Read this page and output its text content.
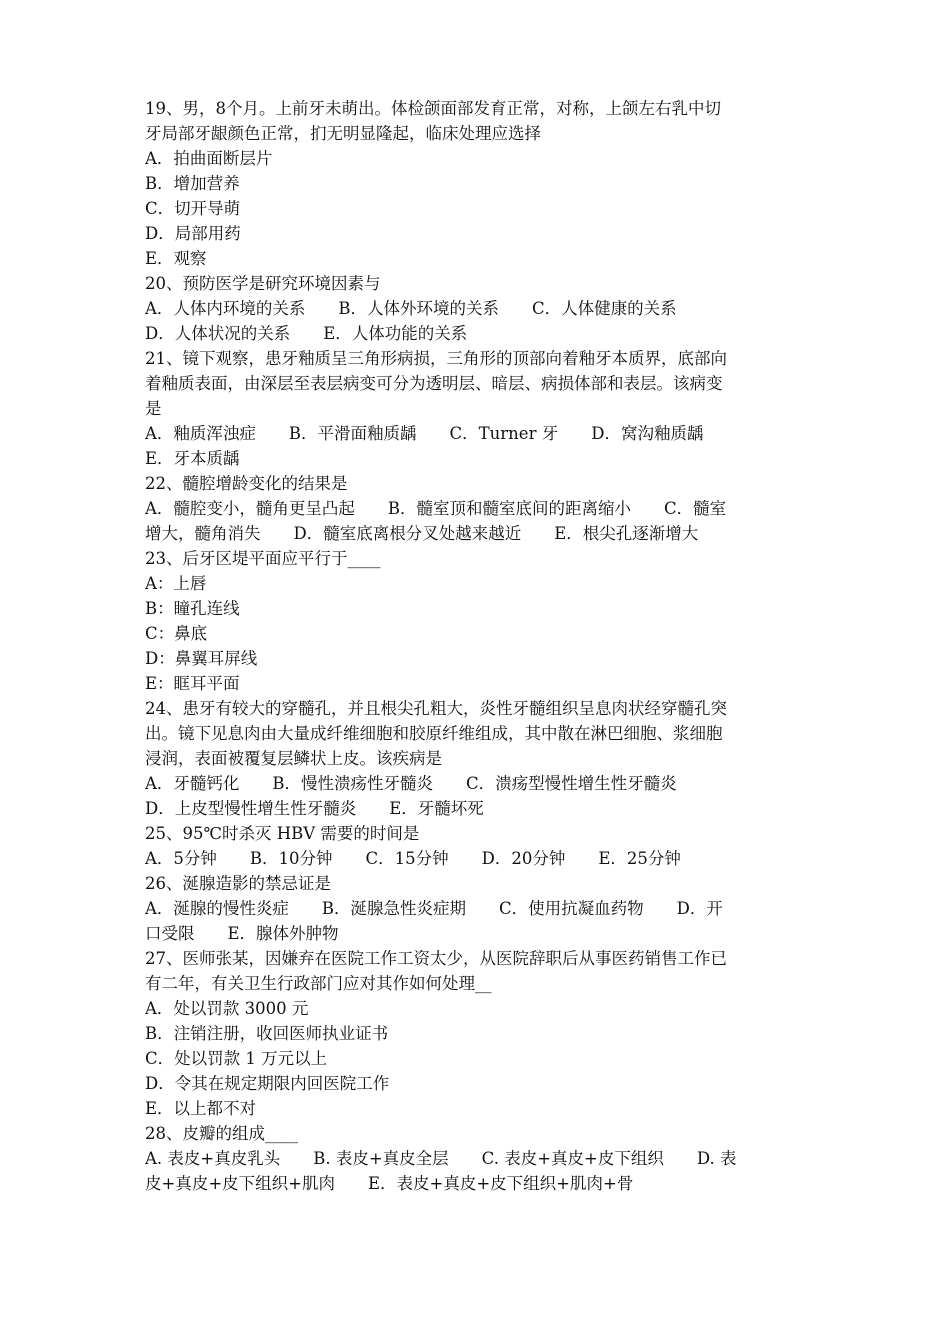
19、男，8个月。上前牙未萌出。体检颌面部发育正常，对称，上颌左右乳中切
牙局部牙龈颜色正常，扪无明显隆起，临床处理应选择
A．拍曲面断层片
B．增加营养
C．切开导萌
D．局部用药
E．观察
20、预防医学是研究环境因素与
A．人体内环境的关系　　B．人体外环境的关系　　C．人体健康的关系
D．人体状况的关系　　E．人体功能的关系
21、镜下观察，患牙釉质呈三角形病损，三角形的顶部向着釉牙本质界，底部向
着釉质表面，由深层至表层病变可分为透明层、暗层、病损体部和表层。该病变
是
A．釉质浑浊症　　B．平滑面釉质龋　　C．Turner 牙　　D．窝沟釉质龋
E．牙本质龋
22、髓腔增龄变化的结果是
A．髓腔变小，髓角更呈凸起　　B．髓室顶和髓室底间的距离缩小　　C．髓室
增大，髓角消失　　D．髓室底离根分叉处越来越近　　E．根尖孔逐渐增大
23、后牙区堤平面应平行于____
A：上唇
B：瞳孔连线
C：鼻底
D：鼻翼耳屏线
E：眶耳平面
24、患牙有较大的穿髓孔，并且根尖孔粗大，炎性牙髓组织呈息肉状经穿髓孔突
出。镜下见息肉由大量成纤维细胞和胶原纤维组成，其中散在淋巴细胞、浆细胞
浸润，表面被覆复层鳞状上皮。该疾病是
A．牙髓钙化　　B．慢性溃疡性牙髓炎　　C．溃疡型慢性增生性牙髓炎
D．上皮型慢性增生性牙髓炎　　E．牙髓坏死
25、95℃时杀灭 HBV 需要的时间是
A．5分钟　　B．10分钟　　C．15分钟　　D．20分钟　　E．25分钟
26、涎腺造影的禁忌证是
A．涎腺的慢性炎症　　B．涎腺急性炎症期　　C．使用抗凝血药物　　D．开
口受限　　E．腺体外肿物
27、医师张某，因嫌弃在医院工作工资太少，从医院辞职后从事医药销售工作已
有二年，有关卫生行政部门应对其作如何处理__
A．处以罚款 3000 元
B．注销注册，收回医师执业证书
C．处以罚款 1 万元以上
D．令其在规定期限内回医院工作
E．以上都不对
28、皮瓣的组成____
A. 表皮+真皮乳头　　B. 表皮+真皮全层　　C. 表皮+真皮+皮下组织　　D. 表
皮+真皮+皮下组织+肌肉　　E．表皮+真皮+皮下组织+肌肉+骨
